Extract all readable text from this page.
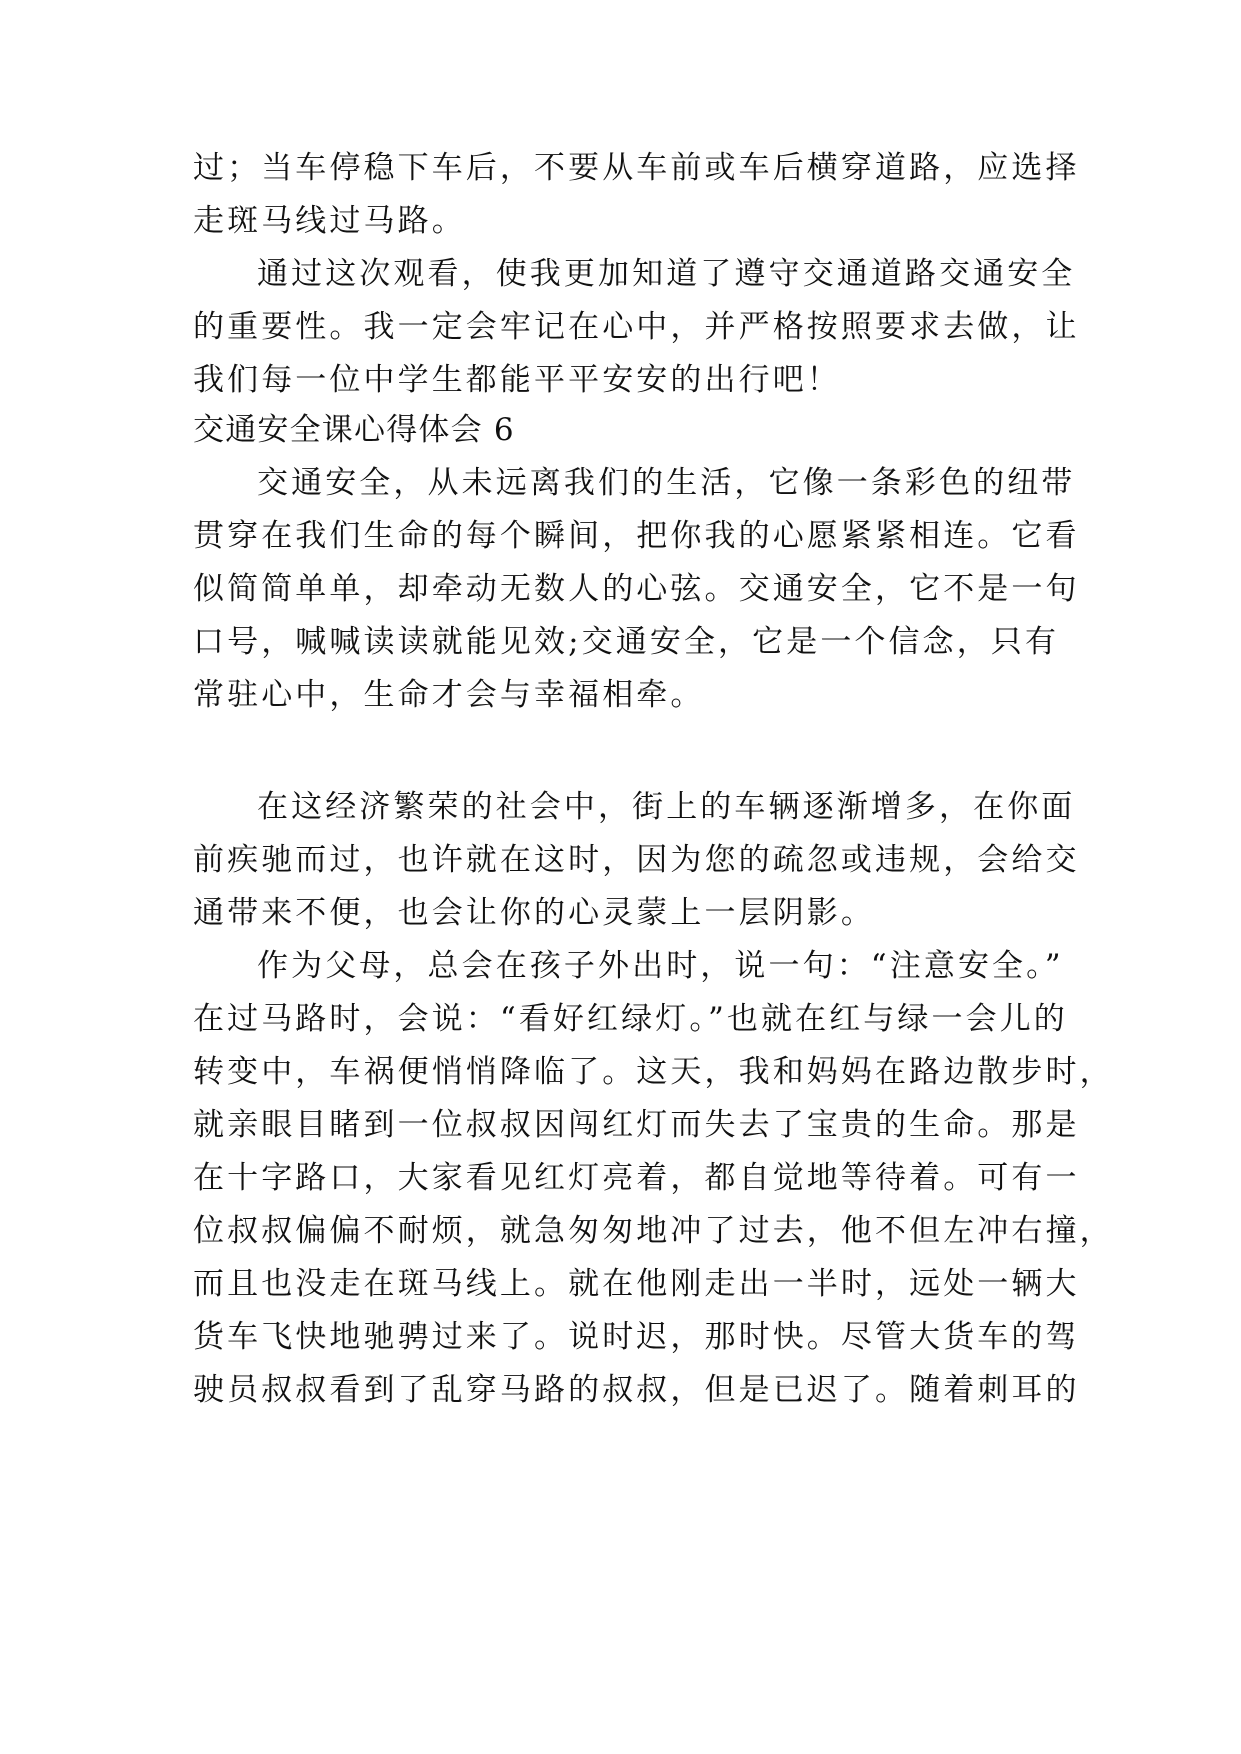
过；当车停稳下车后，不要从车前或车后横穿道路，应选择
走斑马线过马路。
通过这次观看，使我更加知道了遵守交通道路交通安全
的重要性。我一定会牢记在心中，并严格按照要求去做，让
我们每一位中学生都能平平安安的出行吧！
交通安全课心得体会 6
交通安全，从未远离我们的生活，它像一条彩色的纽带
贯穿在我们生命的每个瞬间，把你我的心愿紧紧相连。它看
似简简单单，却牵动无数人的心弦。交通安全，它不是一句
口号，喊喊读读就能见效;交通安全，它是一个信念，只有
常驻心中，生命才会与幸福相牵。
在这经济繁荣的社会中，街上的车辆逐渐增多，在你面
前疾驰而过，也许就在这时，因为您的疏忽或违规，会给交
通带来不便，也会让你的心灵蒙上一层阴影。
作为父母，总会在孩子外出时，说一句：“注意安全。”
在过马路时，会说：“看好红绿灯。”也就在红与绿一会儿的
转变中，车祸便悄悄降临了。这天，我和妈妈在路边散步时，
就亲眼目睹到一位叔叔因闯红灯而失去了宝贵的生命。那是
在十字路口，大家看见红灯亮着，都自觉地等待着。可有一
位叔叔偏偏不耐烦，就急匆匆地冲了过去，他不但左冲右撞，
而且也没走在斑马线上。就在他刚走出一半时，远处一辆大
货车飞快地驰骋过来了。说时迟，那时快。尽管大货车的驾
驶员叔叔看到了乱穿马路的叔叔，但是已迟了。随着刺耳的
